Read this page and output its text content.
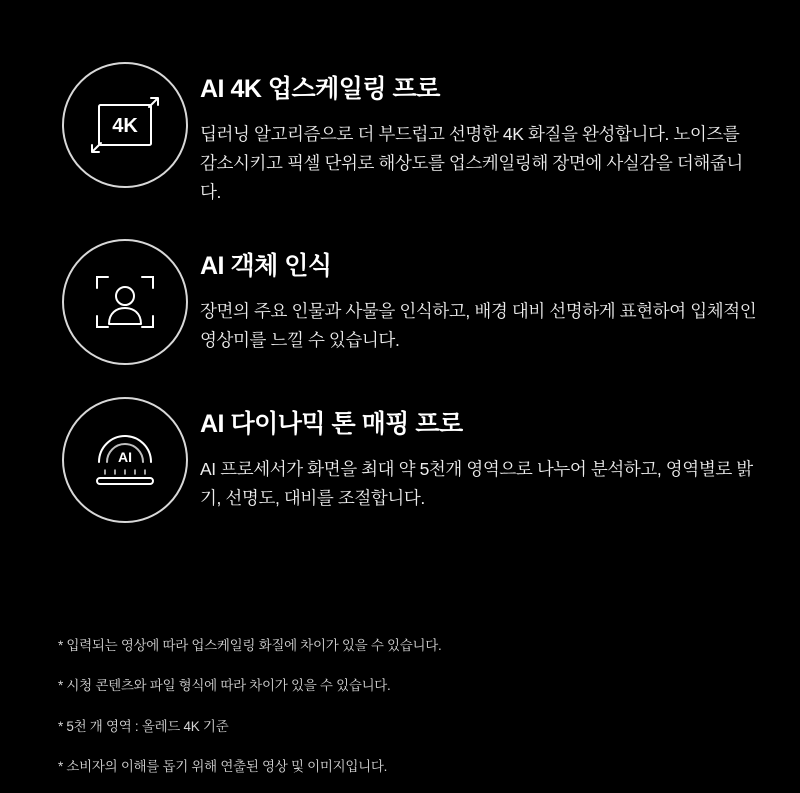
4K
AI 4K 업스케일링 프로

딥러닝 알고리즘으로 더 부드럽고 선명한 4K 화질을 완성합니다. 노이즈를 감소시키고 픽셀 단위로 해상도를 업스케일링해 장면에 사실감을 더해줍니다.

AI 객체 인식

장면의 주요 인물과 사물을 인식하고, 배경 대비 선명하게 표현하여 입체적인 영상미를 느낄 수 있습니다.

AI
AI 다이나믹 톤 매핑 프로

AI 프로세서가 화면을 최대 약 5천개 영역으로 나누어 분석하고, 영역별로 밝기, 선명도, 대비를 조절합니다.

* 입력되는 영상에 따라 업스케일링 화질에 차이가 있을 수 있습니다.
* 시청 콘텐츠와 파일 형식에 따라 차이가 있을 수 있습니다.
* 5천 개 영역 : 올레드 4K 기준
* 소비자의 이해를 돕기 위해 연출된 영상 및 이미지입니다.
